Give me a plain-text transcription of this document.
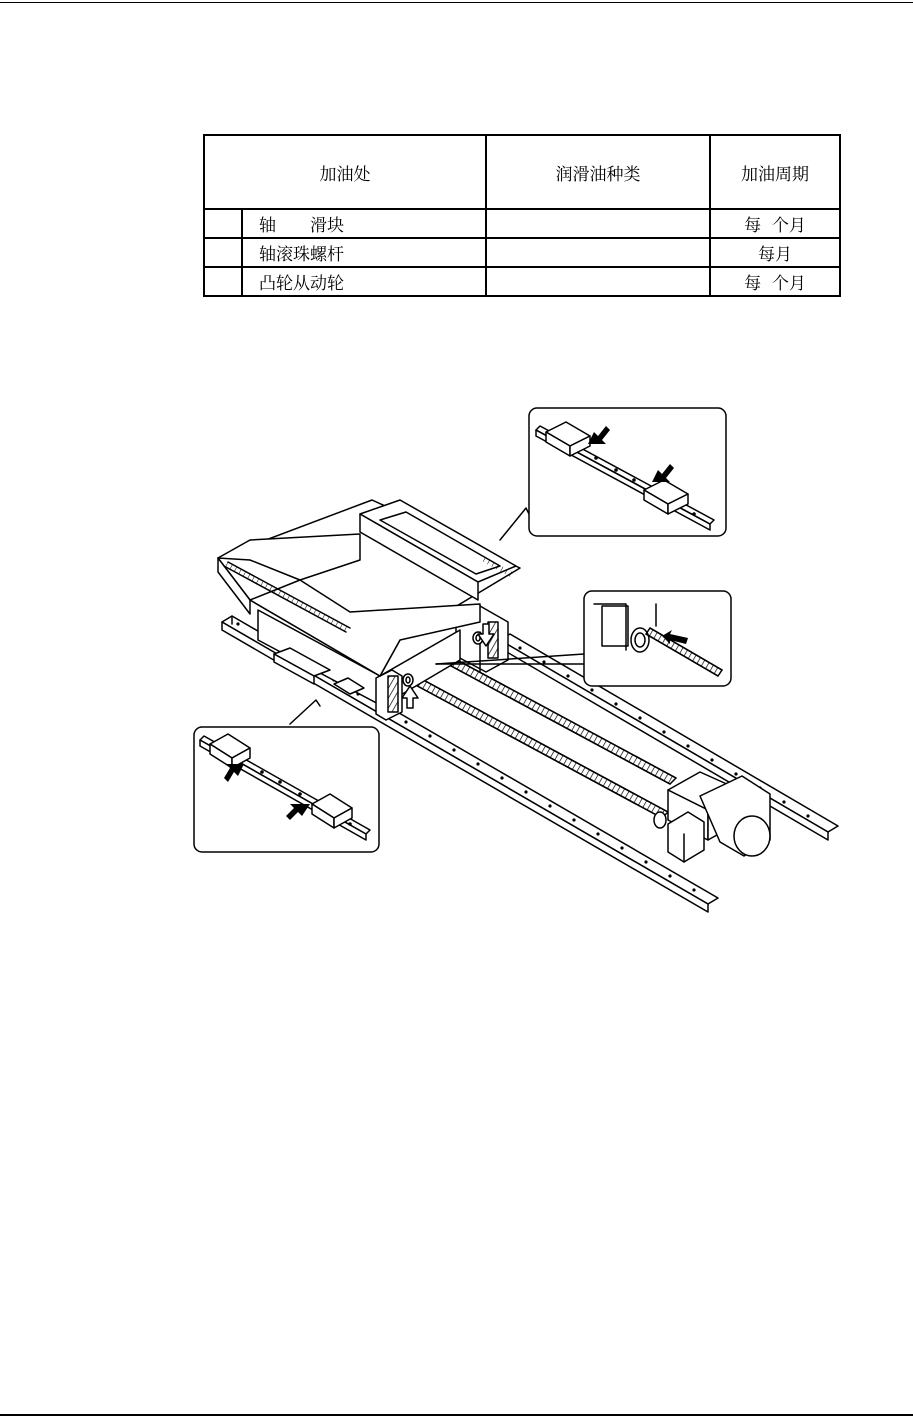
加油处		润滑油种类	加油周期
	轴　　滑块		每  个月
	轴滚珠螺杆		每月
	凸轮从动轮		每  个月
